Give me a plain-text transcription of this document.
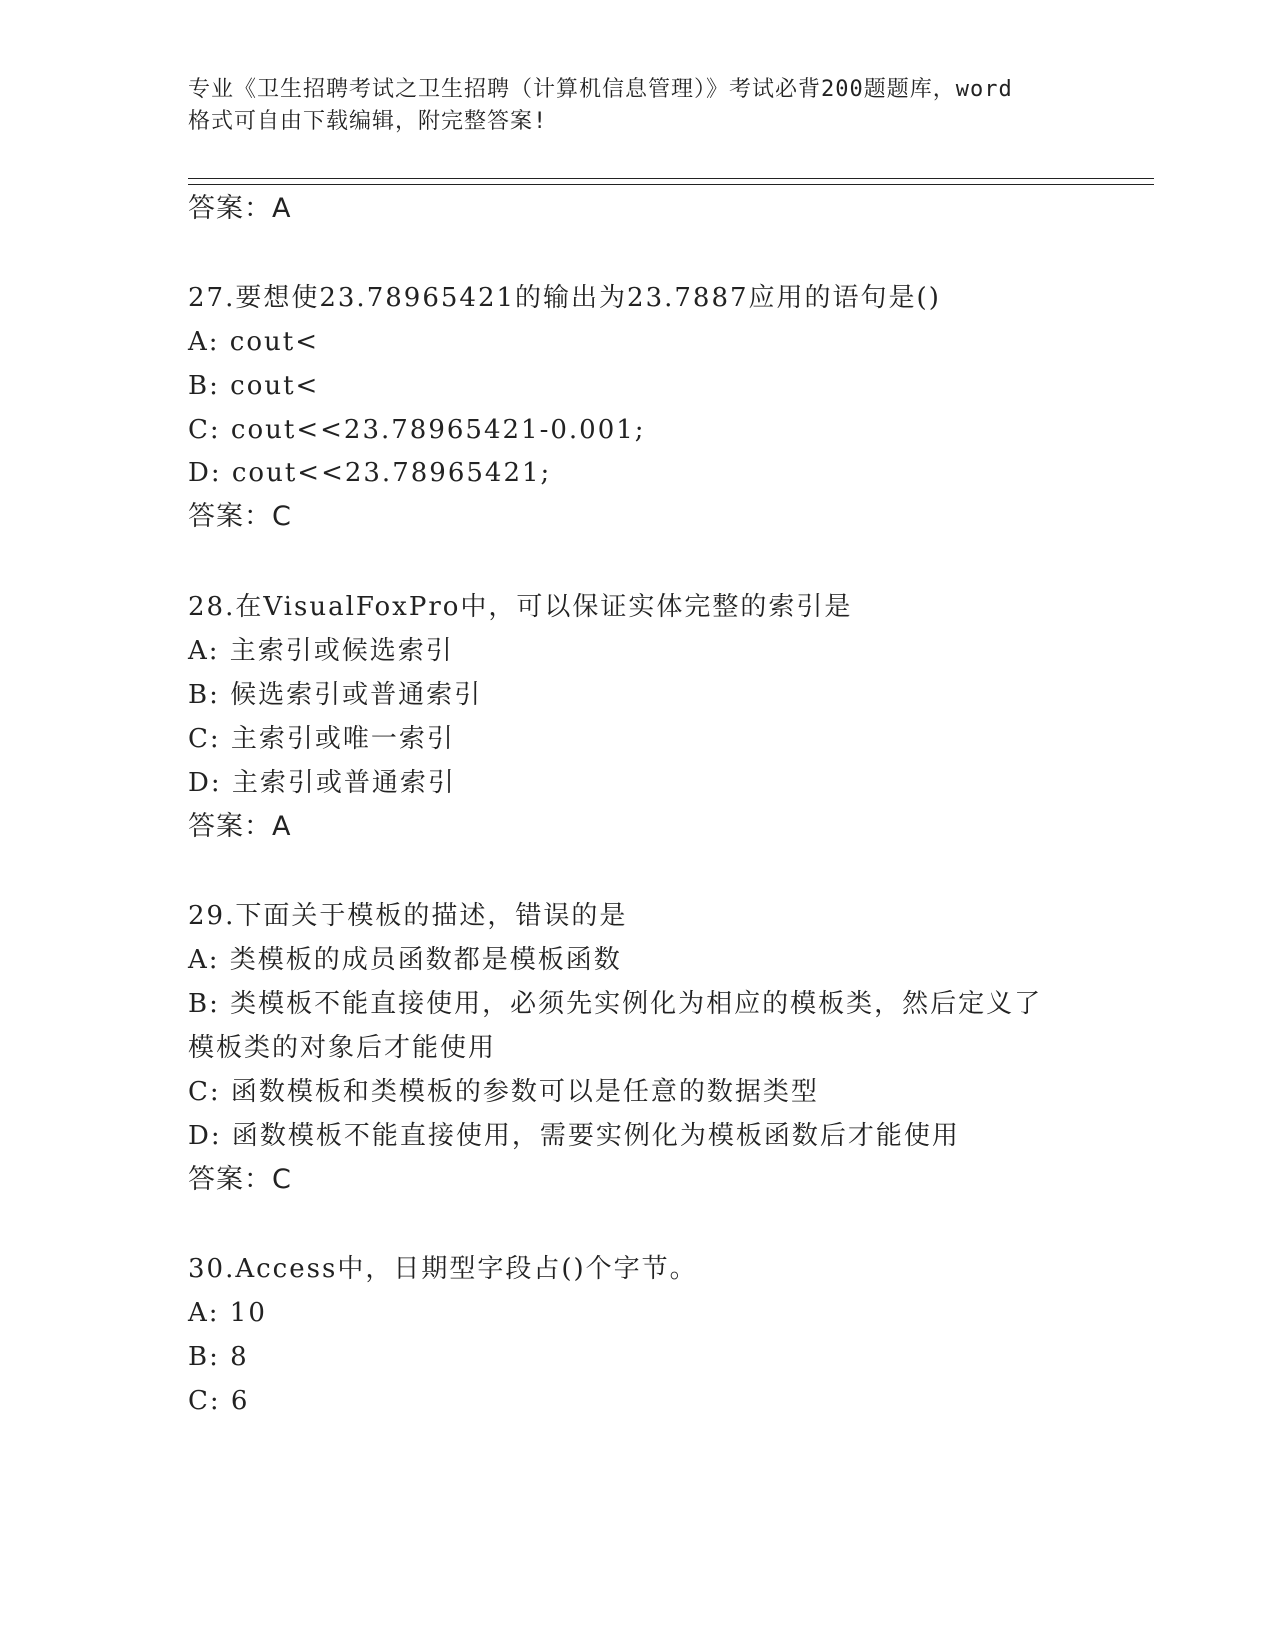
专业《卫生招聘考试之卫生招聘（计算机信息管理）》考试必背200题题库，word
格式可自由下载编辑，附完整答案!
答案：A
27.要想使23.78965421的输出为23.7887应用的语句是()
A: cout<
B: cout<
C: cout<<23.78965421-0.001;
D: cout<<23.78965421;
答案：C
28.在VisualFoxPro中，可以保证实体完整的索引是
A: 主索引或候选索引
B: 候选索引或普通索引
C: 主索引或唯一索引
D: 主索引或普通索引
答案：A
29.下面关于模板的描述，错误的是
A: 类模板的成员函数都是模板函数
B: 类模板不能直接使用，必须先实例化为相应的模板类，然后定义了
模板类的对象后才能使用
C: 函数模板和类模板的参数可以是任意的数据类型
D: 函数模板不能直接使用，需要实例化为模板函数后才能使用
答案：C
30.Access中，日期型字段占()个字节。
A: 10
B: 8
C: 6
